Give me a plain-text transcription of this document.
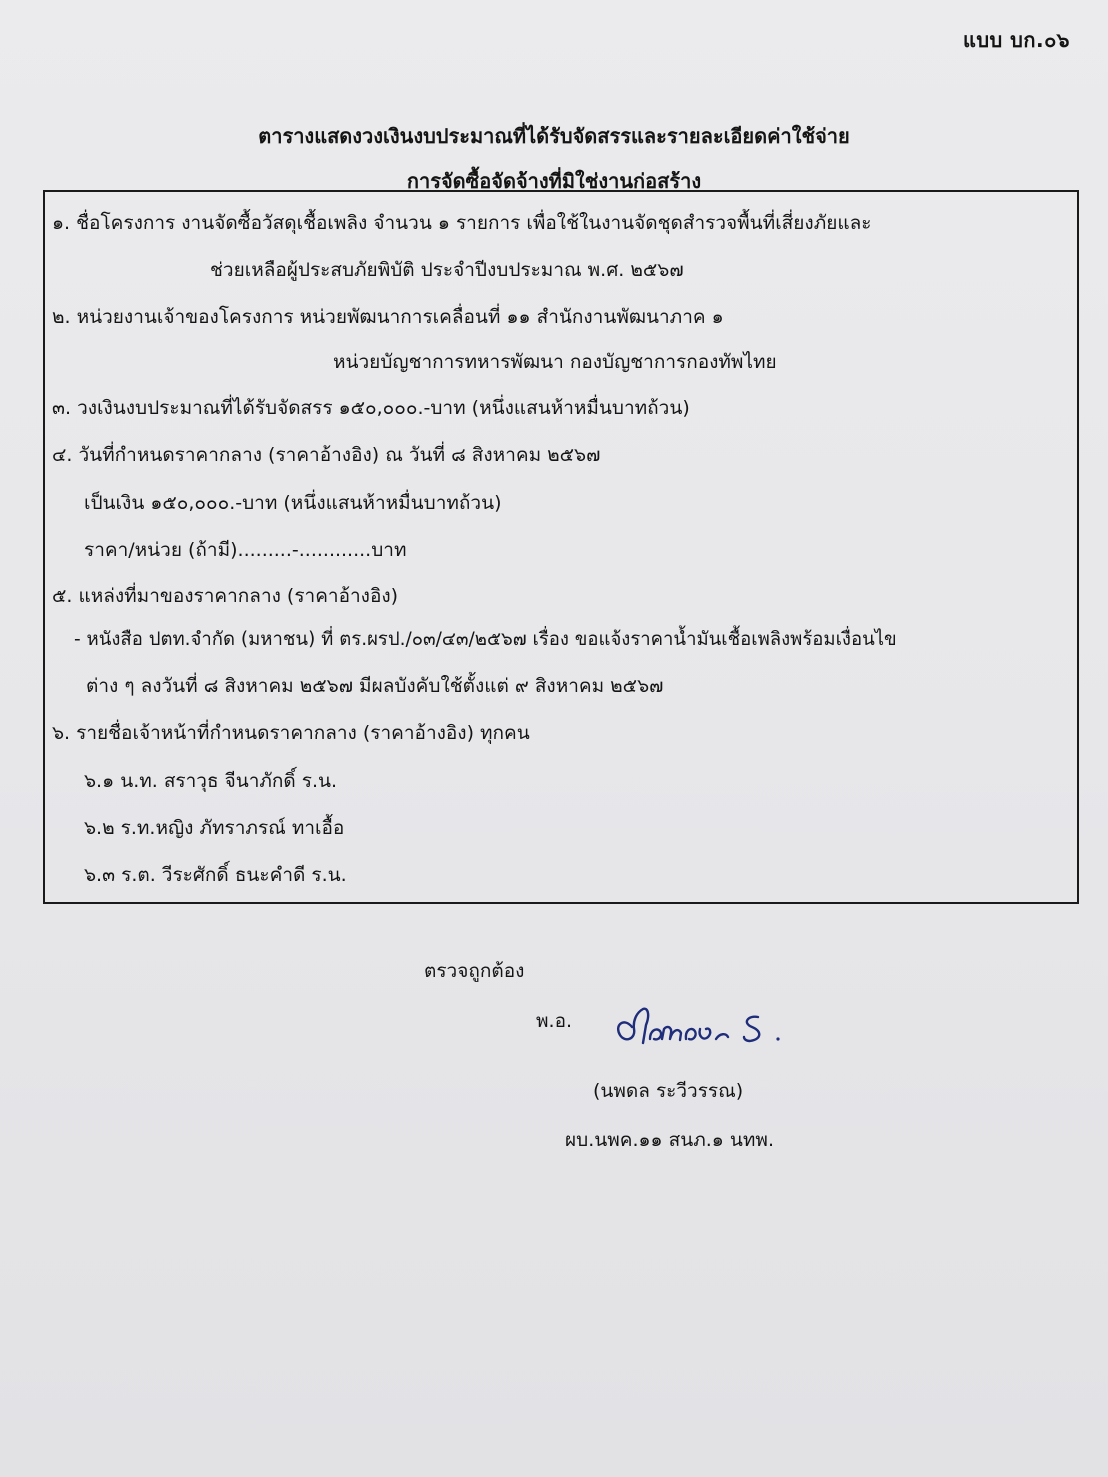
แบบ บก.๐๖
ตารางแสดงวงเงินงบประมาณที่ได้รับจัดสรรและรายละเอียดค่าใช้จ่าย
การจัดซื้อจัดจ้างที่มิใช่งานก่อสร้าง
๑. ชื่อโครงการ งานจัดซื้อวัสดุเชื้อเพลิง จำนวน ๑ รายการ เพื่อใช้ในงานจัดชุดสำรวจพื้นที่เสี่ยงภัยและ
ช่วยเหลือผู้ประสบภัยพิบัติ ประจำปีงบประมาณ พ.ศ. ๒๕๖๗
๒. หน่วยงานเจ้าของโครงการ หน่วยพัฒนาการเคลื่อนที่ ๑๑ สำนักงานพัฒนาภาค ๑
หน่วยบัญชาการทหารพัฒนา กองบัญชาการกองทัพไทย
๓. วงเงินงบประมาณที่ได้รับจัดสรร ๑๕๐,๐๐๐.-บาท (หนึ่งแสนห้าหมื่นบาทถ้วน)
๔. วันที่กำหนดราคากลาง (ราคาอ้างอิง) ณ วันที่ ๘ สิงหาคม ๒๕๖๗
เป็นเงิน ๑๕๐,๐๐๐.-บาท (หนึ่งแสนห้าหมื่นบาทถ้วน)
ราคา/หน่วย (ถ้ามี).........-............บาท
๕. แหล่งที่มาของราคากลาง (ราคาอ้างอิง)
- หนังสือ ปตท.จำกัด (มหาชน) ที่ ตร.ผรป./๐๓/๔๓/๒๕๖๗ เรื่อง ขอแจ้งราคาน้ำมันเชื้อเพลิงพร้อมเงื่อนไข
ต่าง ๆ ลงวันที่ ๘ สิงหาคม ๒๕๖๗ มีผลบังคับใช้ตั้งแต่ ๙ สิงหาคม ๒๕๖๗
๖. รายชื่อเจ้าหน้าที่กำหนดราคากลาง (ราคาอ้างอิง) ทุกคน
๖.๑ น.ท. สราวุธ จีนาภักดิ์ ร.น.
๖.๒ ร.ท.หญิง ภัทราภรณ์ ทาเอื้อ
๖.๓ ร.ต. วีระศักดิ์ ธนะคำดี ร.น.
ตรวจถูกต้อง
พ.อ.
(นพดล ระวีวรรณ)
ผบ.นพค.๑๑ สนภ.๑ นทพ.
